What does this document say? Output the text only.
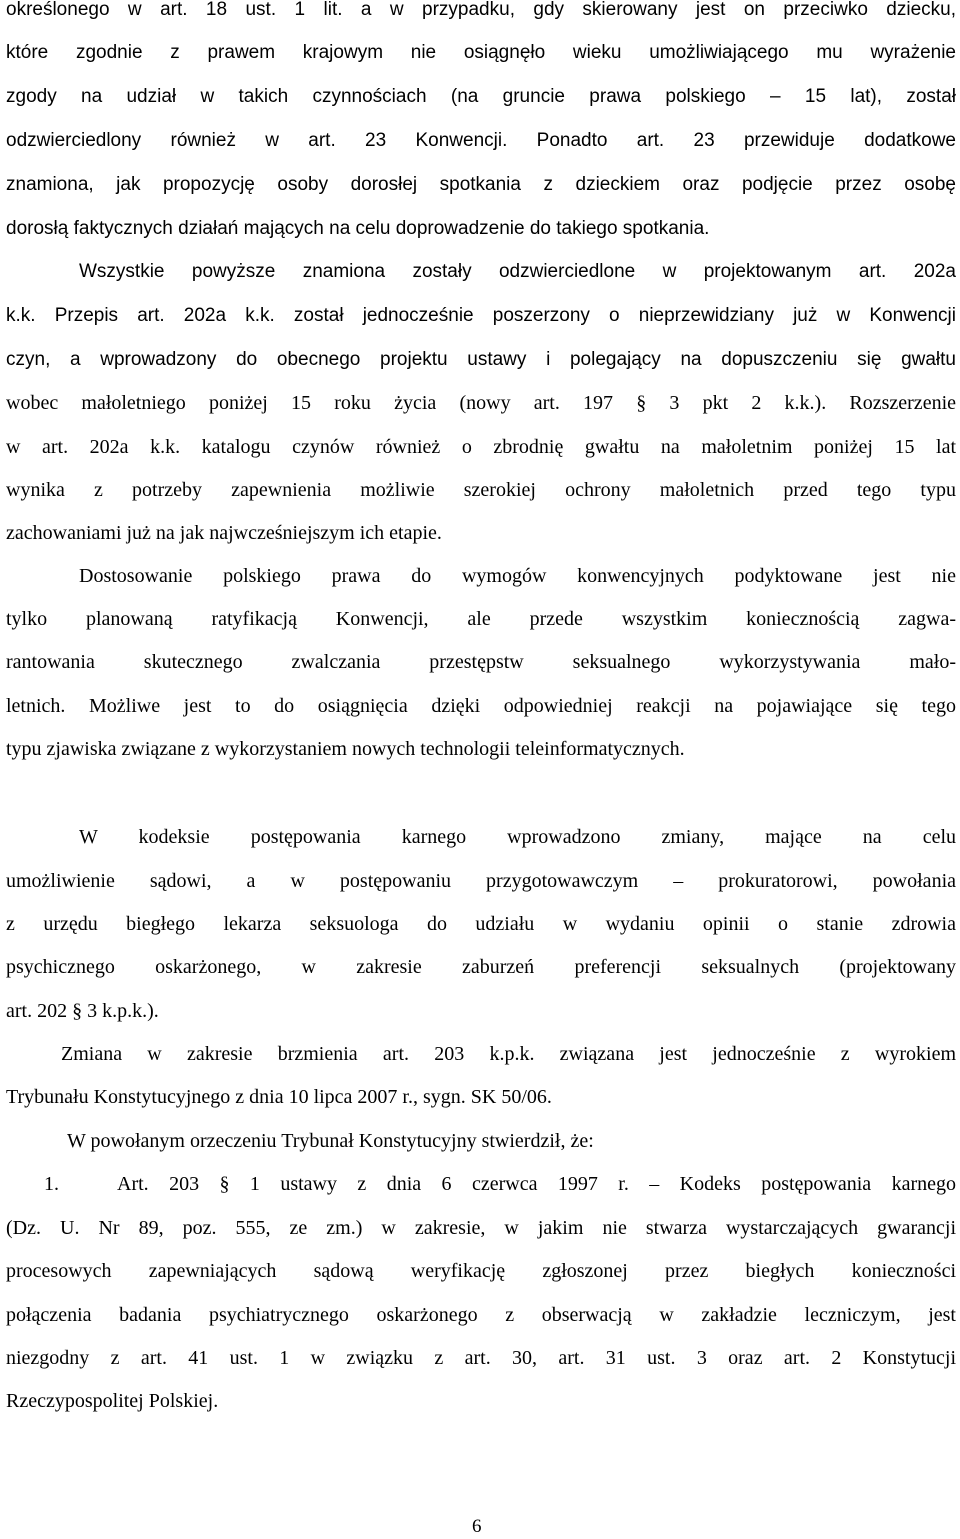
określonego w art. 18 ust. 1 lit. a w przypadku, gdy skierowany jest on przeciwko dziecku,
które zgodnie z prawem krajowym nie osiągnęło wieku umożliwiającego mu wyrażenie
zgody na udział w takich czynnościach (na gruncie prawa polskiego – 15 lat), został
odzwierciedlony również w art. 23 Konwencji. Ponadto art. 23 przewiduje dodatkowe
znamiona, jak propozycję osoby dorosłej spotkania z dzieckiem oraz podjęcie przez osobę
dorosłą faktycznych działań mających na celu doprowadzenie do takiego spotkania.
Wszystkie powyższe znamiona zostały odzwierciedlone w projektowanym art. 202a
k.k. Przepis art. 202a k.k. został jednocześnie poszerzony o nieprzewidziany już w Konwencji
czyn, a wprowadzony do obecnego projektu ustawy i polegający na dopuszczeniu się gwałtu
wobec małoletniego poniżej 15 roku życia (nowy art. 197 § 3 pkt 2 k.k.). Rozszerzenie
w art. 202a k.k. katalogu czynów również o zbrodnię gwałtu na małoletnim poniżej 15 lat
wynika z potrzeby zapewnienia możliwie szerokiej ochrony małoletnich przed tego typu
zachowaniami już na jak najwcześniejszym ich etapie.
Dostosowanie polskiego prawa do wymogów konwencyjnych podyktowane jest nie
tylko planowaną ratyfikacją Konwencji, ale przede wszystkim koniecznością zagwa-
rantowania skutecznego zwalczania przestępstw seksualnego wykorzystywania mało-
letnich. Możliwe jest to do osiągnięcia dzięki odpowiedniej reakcji na pojawiające się tego
typu zjawiska związane z wykorzystaniem nowych technologii teleinformatycznych.
W kodeksie postępowania karnego wprowadzono zmiany, mające na celu
umożliwienie sądowi, a w postępowaniu przygotowawczym – prokuratorowi, powołania
z urzędu biegłego lekarza seksuologa do udziału w wydaniu opinii o stanie zdrowia
psychicznego oskarżonego, w zakresie zaburzeń preferencji seksualnych (projektowany
art. 202 § 3 k.p.k.).
Zmiana w zakresie brzmienia art. 203 k.p.k. związana jest jednocześnie z wyrokiem
Trybunału Konstytucyjnego z dnia 10 lipca 2007 r., sygn. SK 50/06.
W powołanym orzeczeniu Trybunał Konstytucyjny stwierdził, że:
1.	Art. 203 § 1 ustawy z dnia 6 czerwca 1997 r. – Kodeks postępowania karnego
(Dz. U. Nr 89, poz. 555, ze zm.) w zakresie, w jakim nie stwarza wystarczających gwarancji
procesowych zapewniających sądową weryfikację zgłoszonej przez biegłych konieczności
połączenia badania psychiatrycznego oskarżonego z obserwacją w zakładzie leczniczym, jest
niezgodny z art. 41 ust. 1 w związku z art. 30, art. 31 ust. 3 oraz art. 2 Konstytucji
Rzeczypospolitej Polskiej.
6
